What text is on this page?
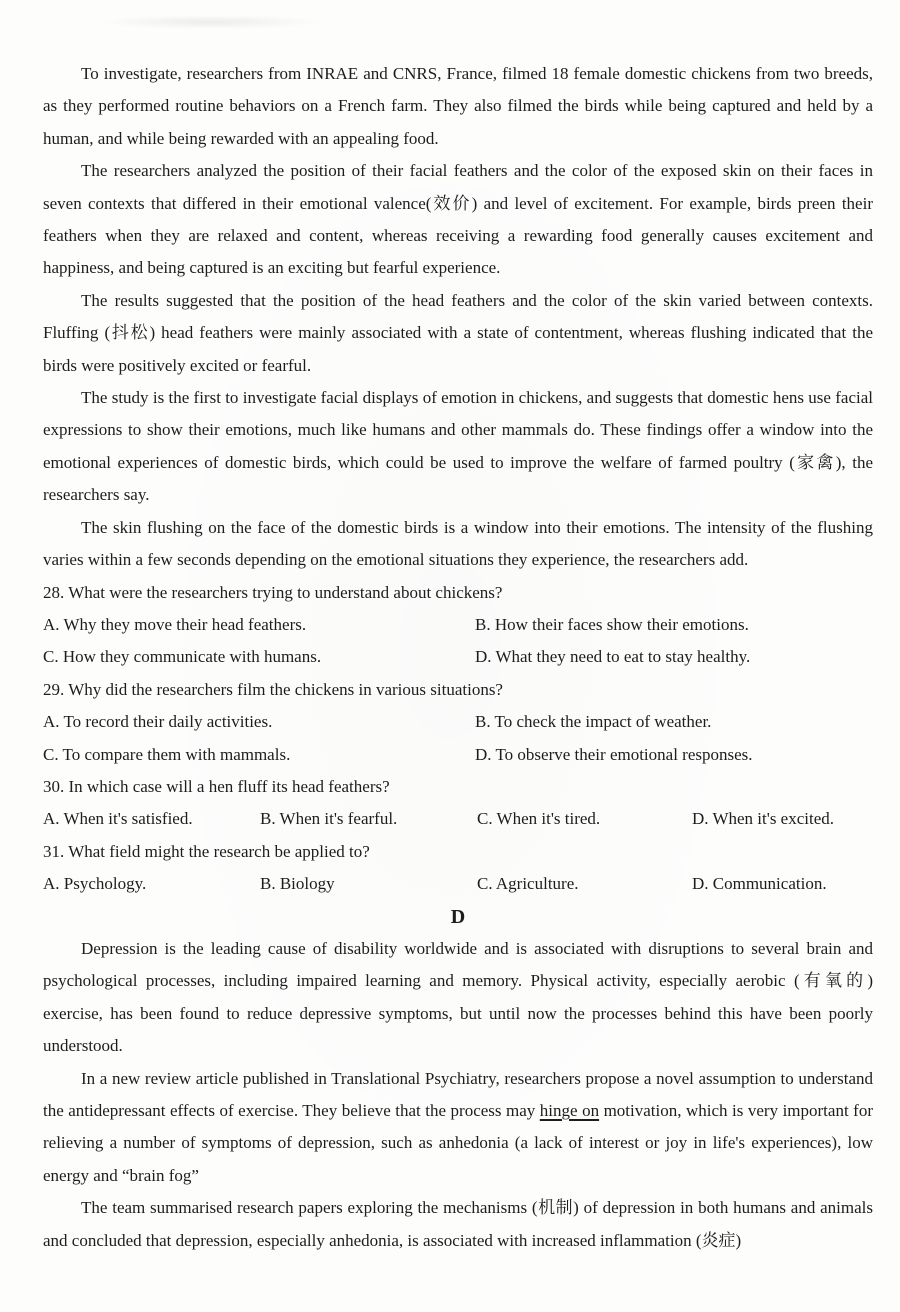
To investigate, researchers from INRAE and CNRS, France, filmed 18 female domestic chickens from two breeds, as they performed routine behaviors on a French farm. They also filmed the birds while being captured and held by a human, and while being rewarded with an appealing food.

The researchers analyzed the position of their facial feathers and the color of the exposed skin on their faces in seven contexts that differed in their emotional valence(效价) and level of excitement. For example, birds preen their feathers when they are relaxed and content, whereas receiving a rewarding food generally causes excitement and happiness, and being captured is an exciting but fearful experience.

The results suggested that the position of the head feathers and the color of the skin varied between contexts. Fluffing (抖松) head feathers were mainly associated with a state of contentment, whereas flushing indicated that the birds were positively excited or fearful.

The study is the first to investigate facial displays of emotion in chickens, and suggests that domestic hens use facial expressions to show their emotions, much like humans and other mammals do. These findings offer a window into the emotional experiences of domestic birds, which could be used to improve the welfare of farmed poultry (家禽), the researchers say.

The skin flushing on the face of the domestic birds is a window into their emotions. The intensity of the flushing varies within a few seconds depending on the emotional situations they experience, the researchers add.

28. What were the researchers trying to understand about chickens?

A. Why they move their head feathers.	B. How their faces show their emotions.
C. How they communicate with humans.	D. What they need to eat to stay healthy.

29. Why did the researchers film the chickens in various situations?

A. To record their daily activities.	B. To check the impact of weather.
C. To compare them with mammals.	D. To observe their emotional responses.

30. In which case will a hen fluff its head feathers?

A. When it's satisfied.	B. When it's fearful.	C. When it's tired.	D. When it's excited.

31. What field might the research be applied to?

A. Psychology.	B. Biology	C. Agriculture.	D. Communication.

D

Depression is the leading cause of disability worldwide and is associated with disruptions to several brain and psychological processes, including impaired learning and memory. Physical activity, especially aerobic (有氧的) exercise, has been found to reduce depressive symptoms, but until now the processes behind this have been poorly understood.

In a new review article published in Translational Psychiatry, researchers propose a novel assumption to understand the antidepressant effects of exercise. They believe that the process may hinge on motivation, which is very important for relieving a number of symptoms of depression, such as anhedonia (a lack of interest or joy in life's experiences), low energy and “brain fog”

The team summarised research papers exploring the mechanisms (机制) of depression in both humans and animals and concluded that depression, especially anhedonia, is associated with increased inflammation (炎症)
